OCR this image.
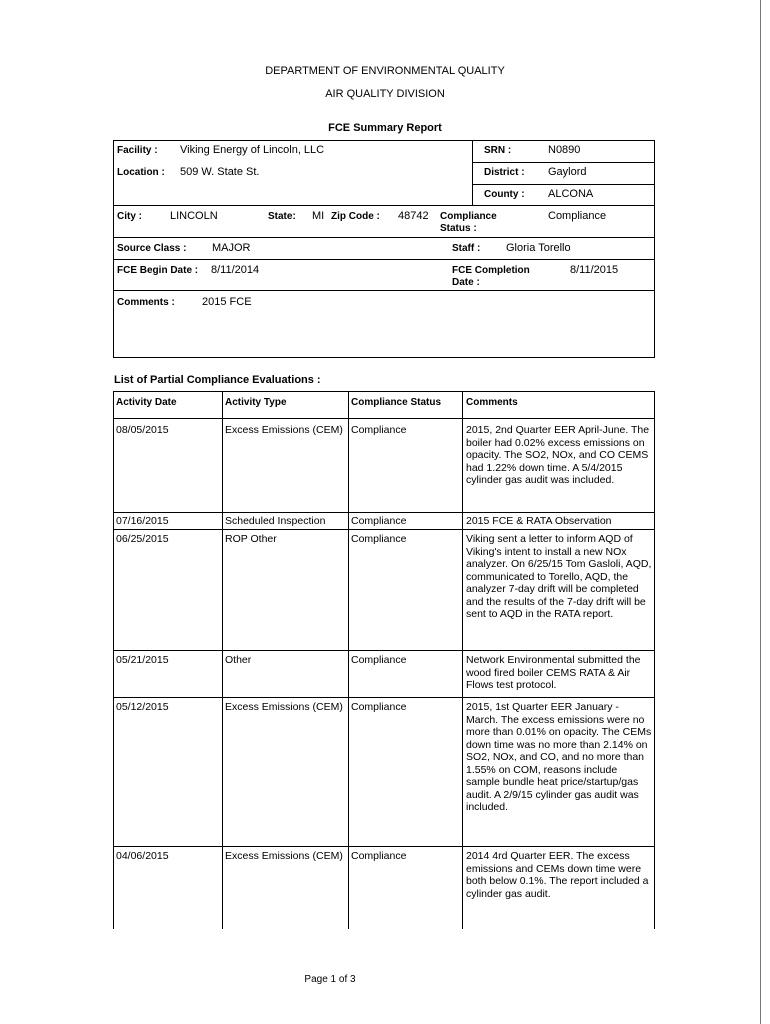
DEPARTMENT OF ENVIRONMENTAL QUALITY
AIR QUALITY DIVISION
FCE Summary Report
Facility : Viking Energy of Lincoln, LLC	SRN :	N0890
Location : 509 W. State St.	District : Gaylord
County : ALCONA
City :	LINCOLN	State: MI Zip Code : 48742 Compliance Status :
Compliance
Source Class : MAJOR	Staff : Gloria Torello
FCE Begin Date : 8/11/2014	FCE Completion Date :
8/11/2015
Comments : 2015 FCE
List of Partial Compliance Evaluations :
Activity Date	Activity Type	Compliance Status	Comments
08/05/2015	Excess Emissions (CEM) Compliance	2015, 2nd Quarter EER April-June. The boiler had 0.02% excess emissions on opacity. The SO2, NOx, and CO CEMS had 1.22% down time. A 5/4/2015 cylinder gas audit was included.
07/16/2015	Scheduled Inspection	Compliance	2015 FCE & RATA Observation
06/25/2015	ROP Other	Compliance	Viking sent a letter to inform AQD of Viking's intent to install a new NOx analyzer. On 6/25/15 Tom Gasloli, AQD, communicated to Torello, AQD, the analyzer 7-day drift will be completed and the results of the 7-day drift will be sent to AQD in the RATA report.
05/21/2015	Other	Compliance	Network Environmental submitted the wood fired boiler CEMS RATA & Air Flows test protocol.
05/12/2015	Excess Emissions (CEM) Compliance	2015, 1st Quarter EER January - March. The excess emissions were no more than 0.01% on opacity. The CEMs down time was no more than 2.14% on SO2, NOx, and CO, and no more than 1.55% on COM, reasons include sample bundle heat price/startup/gas audit. A 2/9/15 cylinder gas audit was included.
04/06/2015	Excess Emissions (CEM) Compliance	2014 4rd Quarter EER. The excess emissions and CEMs down time were both below 0.1%. The report included a cylinder gas audit.
Page 1 of 3
